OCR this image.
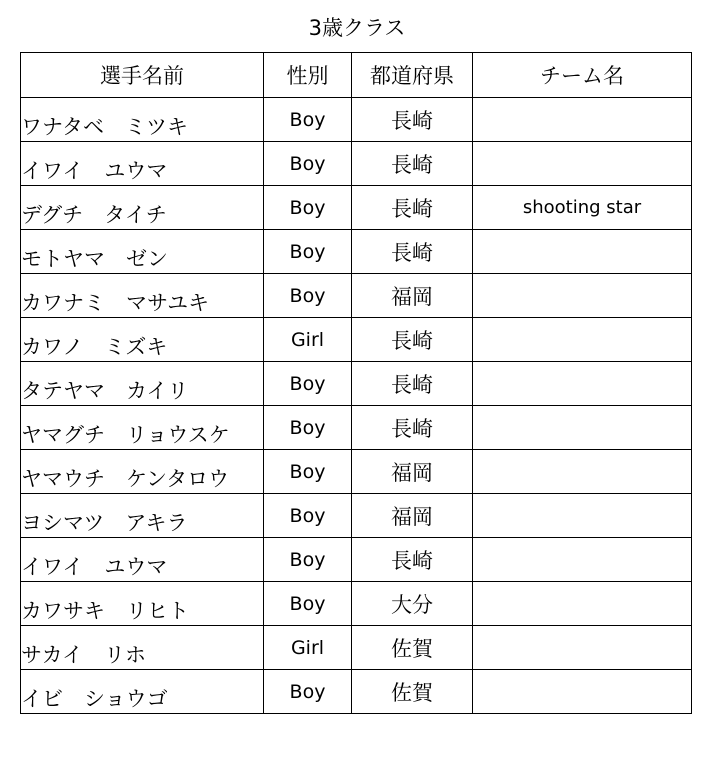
3歳クラス
選手名前	性別	都道府県	チーム名
ワナタベ　ミツキ	Boy	長崎	
イワイ　ユウマ	Boy	長崎	
デグチ　タイチ	Boy	長崎	shooting star
モトヤマ　ゼン	Boy	長崎	
カワナミ　マサユキ	Boy	福岡	
カワノ　ミズキ	Girl	長崎	
タテヤマ　カイリ	Boy	長崎	
ヤマグチ　リョウスケ	Boy	長崎	
ヤマウチ　ケンタロウ	Boy	福岡	
ヨシマツ　アキラ	Boy	福岡	
イワイ　ユウマ	Boy	長崎	
カワサキ　リヒト	Boy	大分	
サカイ　リホ	Girl	佐賀	
イビ　ショウゴ	Boy	佐賀	
